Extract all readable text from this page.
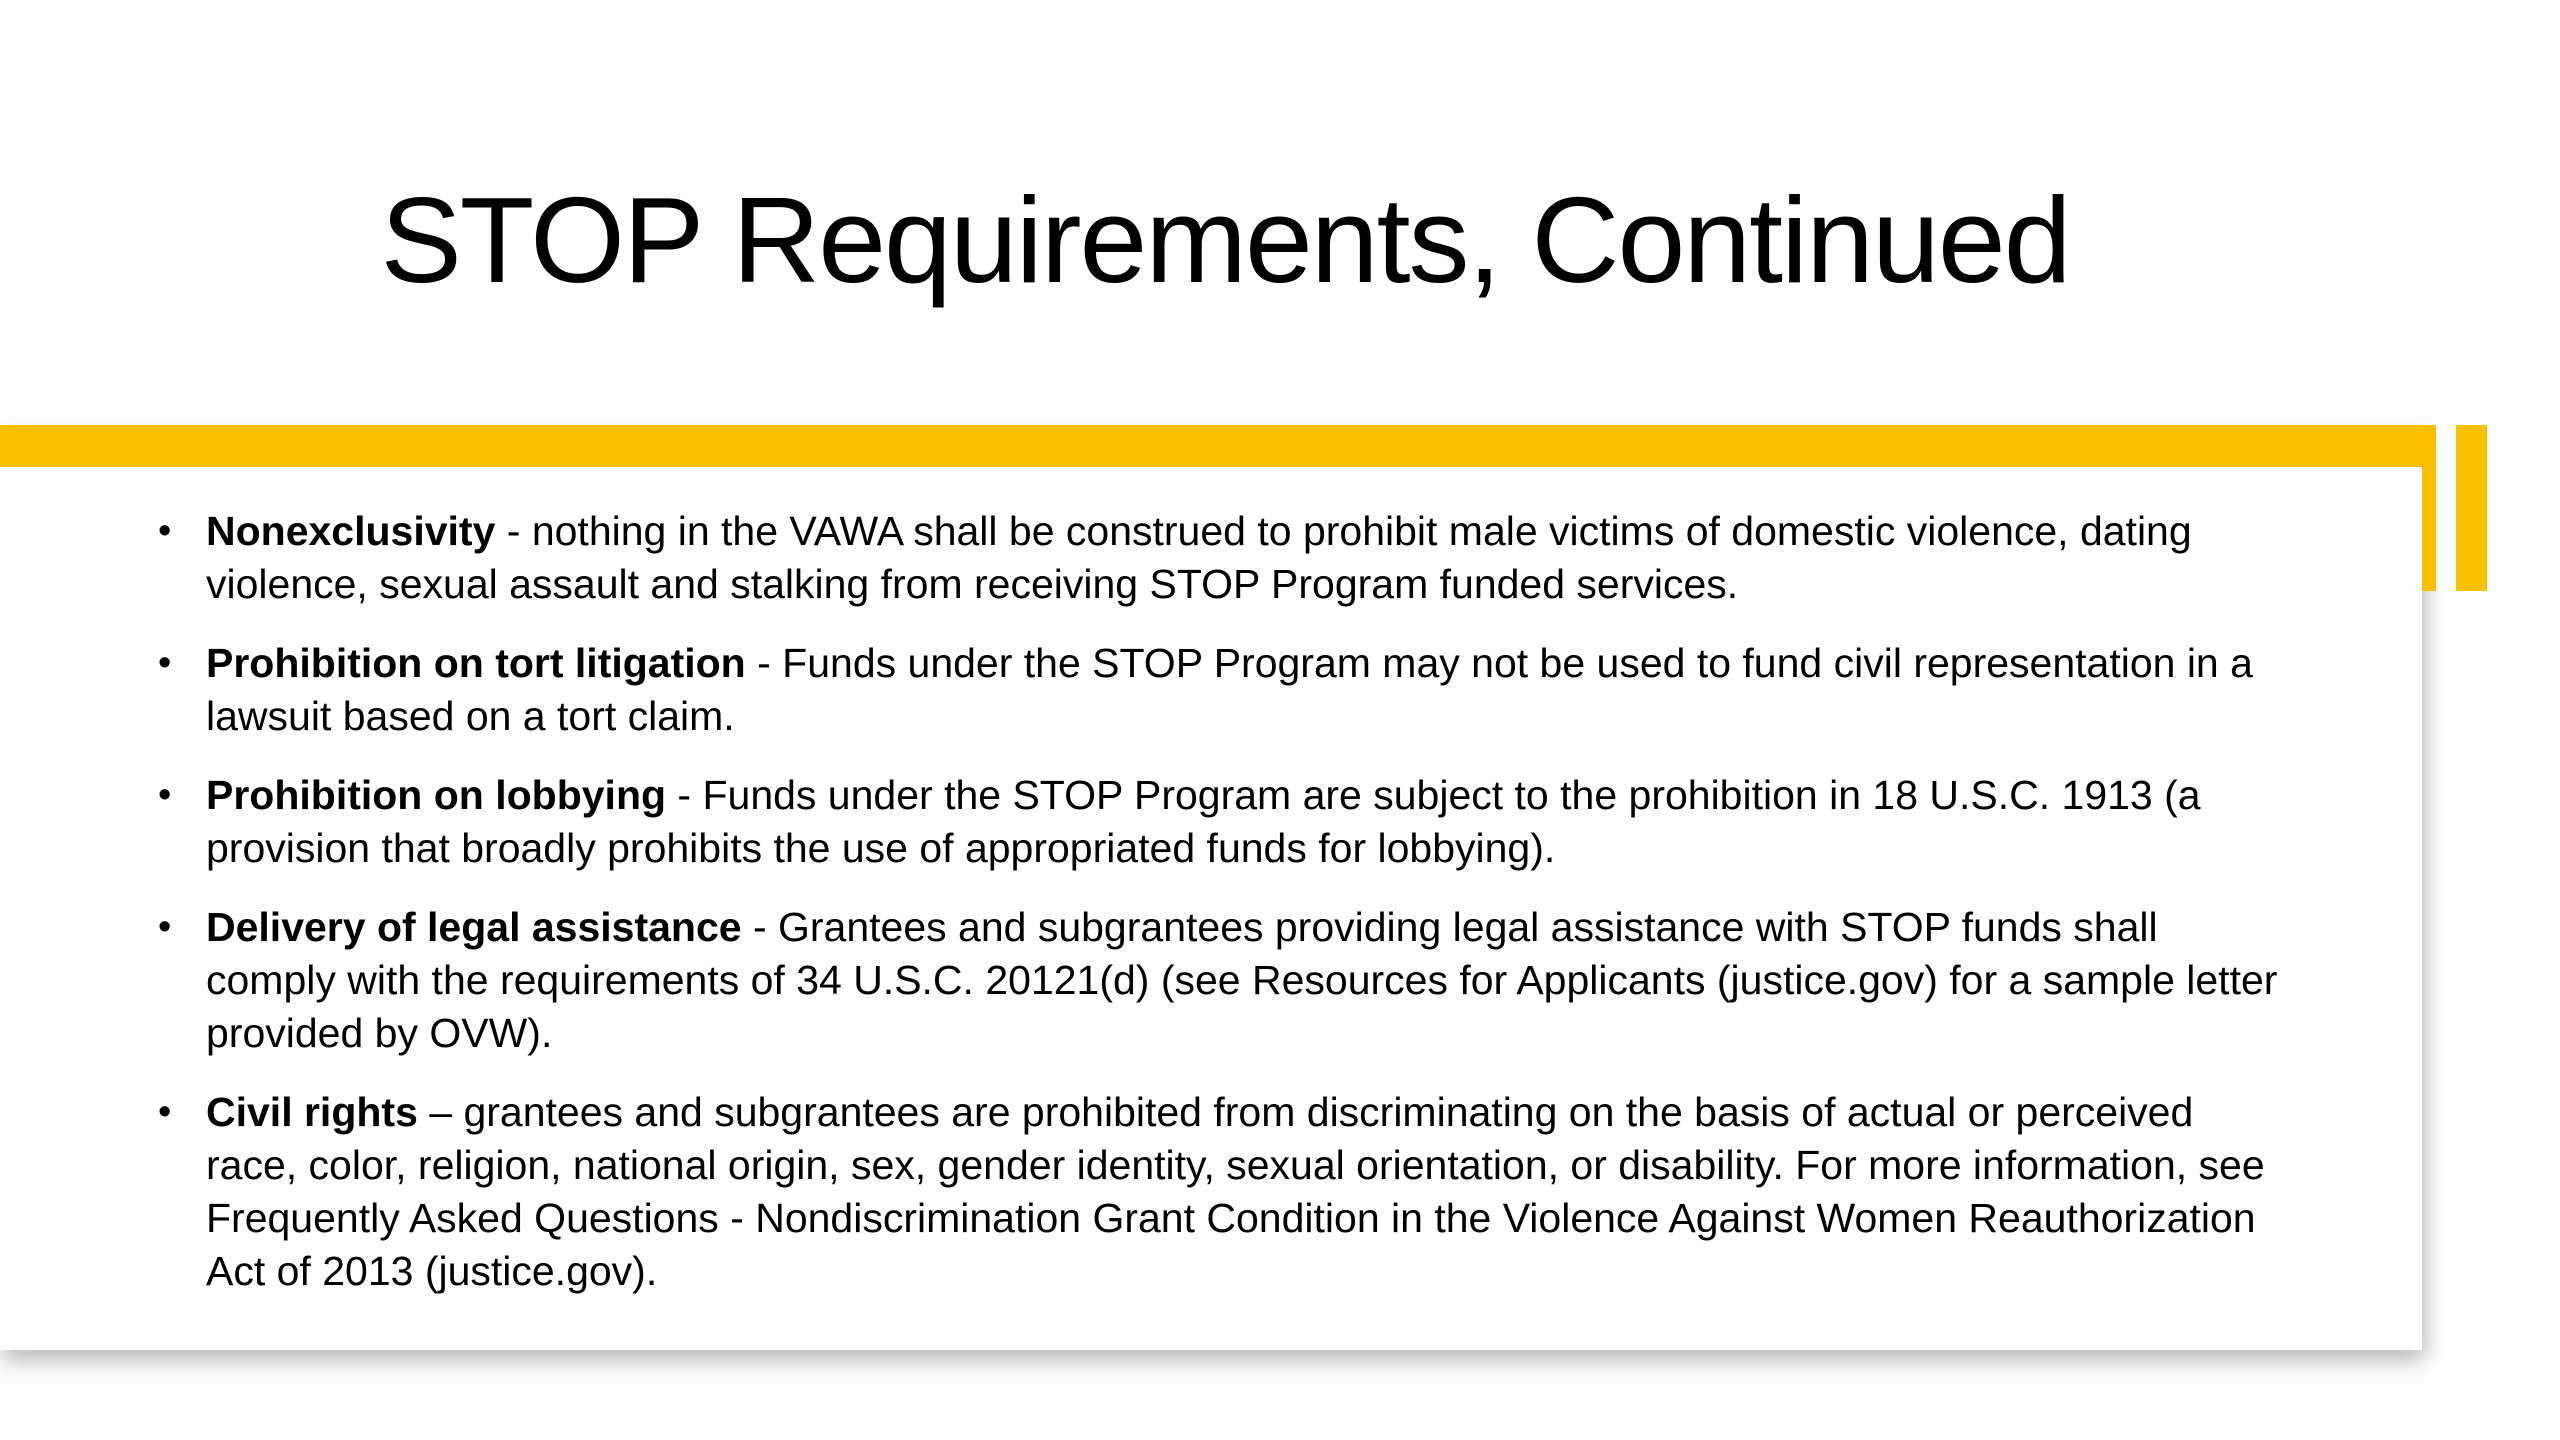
STOP Requirements, Continued
• Nonexclusivity - nothing in the VAWA shall be construed to prohibit male victims of domestic violence, dating violence, sexual assault and stalking from receiving STOP Program funded services.
• Prohibition on tort litigation - Funds under the STOP Program may not be used to fund civil representation in a lawsuit based on a tort claim.
• Prohibition on lobbying - Funds under the STOP Program are subject to the prohibition in 18 U.S.C. 1913 (a provision that broadly prohibits the use of appropriated funds for lobbying).
• Delivery of legal assistance - Grantees and subgrantees providing legal assistance with STOP funds shall comply with the requirements of 34 U.S.C. 20121(d) (see Resources for Applicants (justice.gov) for a sample letter provided by OVW).
• Civil rights – grantees and subgrantees are prohibited from discriminating on the basis of actual or perceived race, color, religion, national origin, sex, gender identity, sexual orientation, or disability. For more information, see Frequently Asked Questions - Nondiscrimination Grant Condition in the Violence Against Women Reauthorization Act of 2013 (justice.gov).
